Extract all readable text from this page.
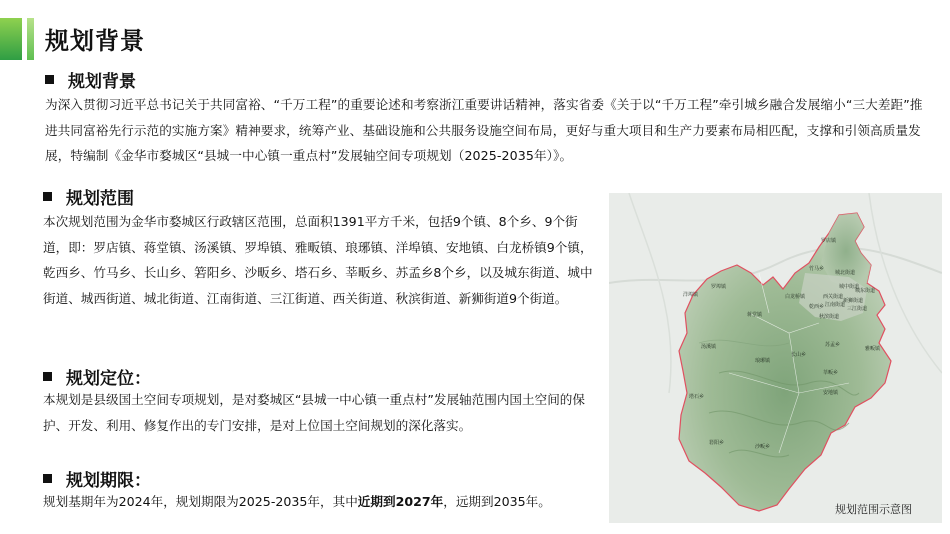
规划背景
规划背景
为深入贯彻习近平总书记关于共同富裕、“千万工程”的重要论述和考察浙江重要讲话精神，落实省委《关于以“千万工程”牵引城乡融合发展缩小“三大差距”推进共同富裕先行示范的实施方案》精神要求，统筹产业、基础设施和公共服务设施空间布局，更好与重大项目和生产力要素布局相匹配，支撑和引领高质量发展，特编制《金华市婺城区“县城一中心镇一重点村”发展轴空间专项规划（2025-2035年）》。
规划范围
本次规划范围为金华市婺城区行政辖区范围，总面积1391平方千米，包括9个镇、8个乡、9个街道，即：罗店镇、蒋堂镇、汤溪镇、罗埠镇、雅畈镇、琅琊镇、洋埠镇、安地镇、白龙桥镇9个镇，乾西乡、竹马乡、长山乡、箬阳乡、沙畈乡、塔石乡、莘畈乡、苏孟乡8个乡，以及城东街道、城中街道、城西街道、城北街道、江南街道、三江街道、西关街道、秋滨街道、新狮街道9个街道。
规划定位：
本规划是县级国土空间专项规划，是对婺城区“县城一中心镇一重点村”发展轴范围内国土空间的保护、开发、利用、修复作出的专门安排，是对上位国土空间规划的深化落实。
规划期限：
规划基期年为2024年，规划期限为2025-2035年，其中近期到2027年，远期到2035年。
罗店镇
竹马乡
城北街道
洋埠镇
罗埠镇
白龙桥镇
城中街道
城东街道
新狮街道
三江街道
蒋堂镇
乾西乡
西关街道
江南街道
秋滨街道
汤溪镇
琅琊镇
长山乡
苏孟乡
雅畈镇
莘畈乡
安地镇
塔石乡
箬阳乡
沙畈乡
规划范围示意图
